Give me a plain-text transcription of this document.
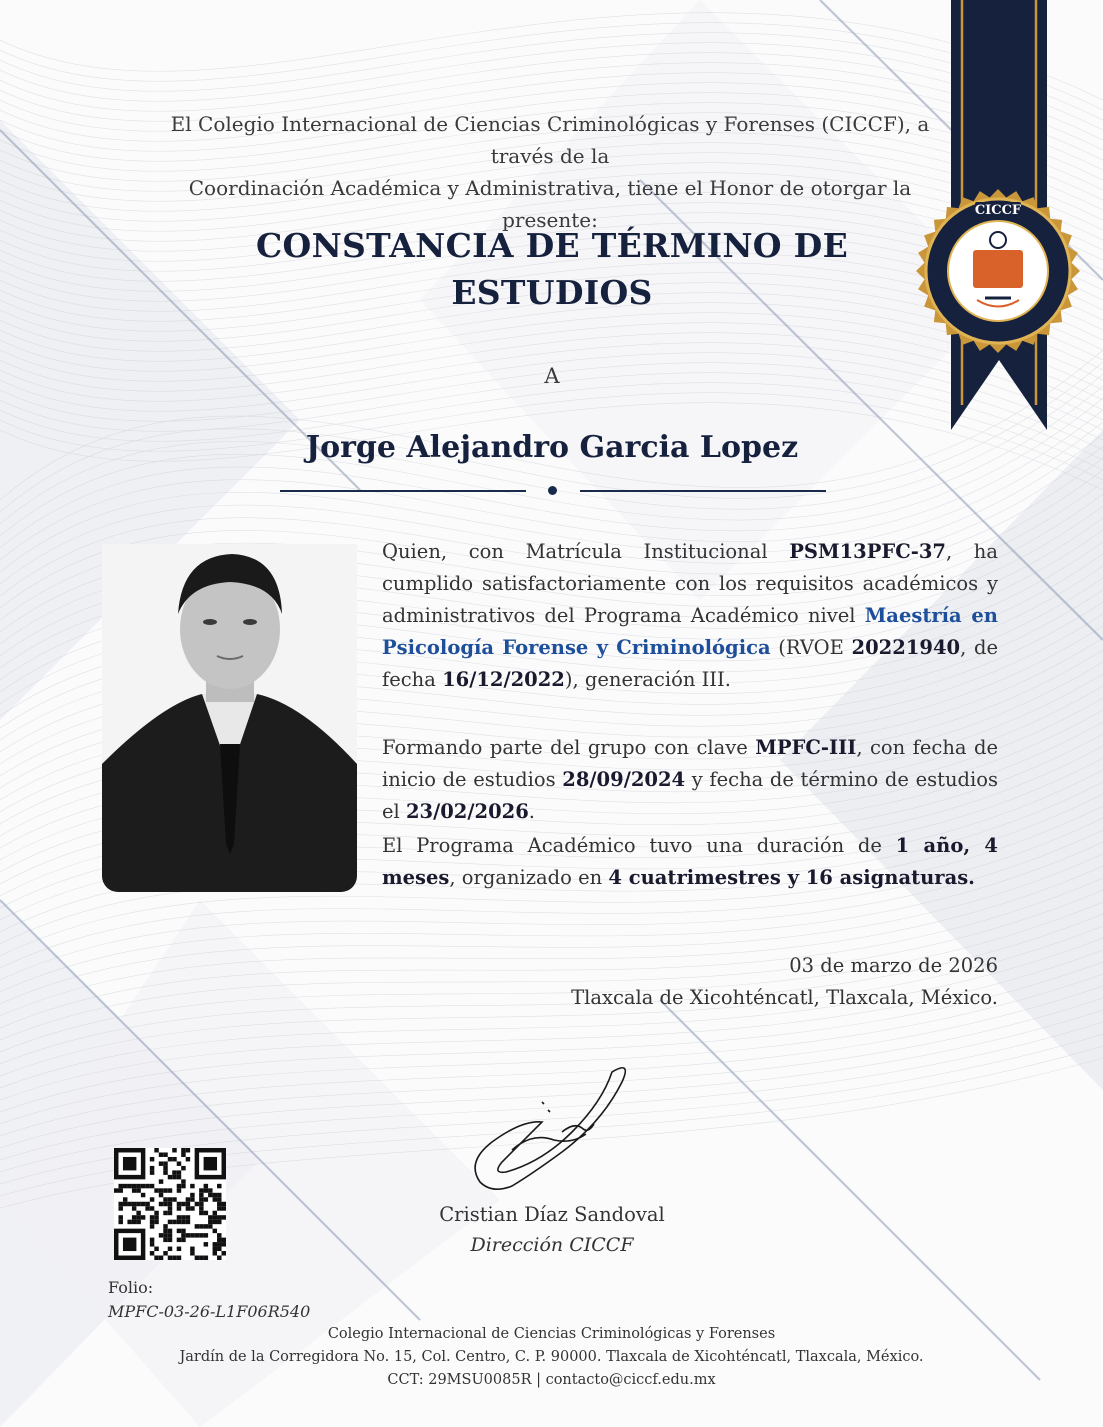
CICCF
El Colegio Internacional de Ciencias Criminológicas y Forenses (CICCF), a través de la
Coordinación Académica y Administrativa, tiene el Honor de otorgar la presente:
CONSTANCIA DE TÉRMINO DE
ESTUDIOS
A
Jorge Alejandro Garcia Lopez
Quien, con Matrícula Institucional PSM13PFC-37, ha cumplido satisfactoriamente con los requisitos académicos y administrativos del Programa Académico nivel Maestría en Psicología Forense y Criminológica (RVOE 20221940, de fecha 16/12/2022), generación III.
Formando parte del grupo con clave MPFC-III, con fecha de inicio de estudios 28/09/2024 y fecha de término de estudios el 23/02/2026.
El Programa Académico tuvo una duración de 1 año, 4 meses, organizado en 4 cuatrimestres y 16 asignaturas.
03 de marzo de 2026
Tlaxcala de Xicohténcatl, Tlaxcala, México.
Cristian Díaz Sandoval
Dirección CICCF
Folio:
MPFC-03-26-L1F06R540
Colegio Internacional de Ciencias Criminológicas y Forenses
Jardín de la Corregidora No. 15, Col. Centro, C. P. 90000. Tlaxcala de Xicohténcatl, Tlaxcala, México.
CCT: 29MSU0085R | contacto@ciccf.edu.mx
